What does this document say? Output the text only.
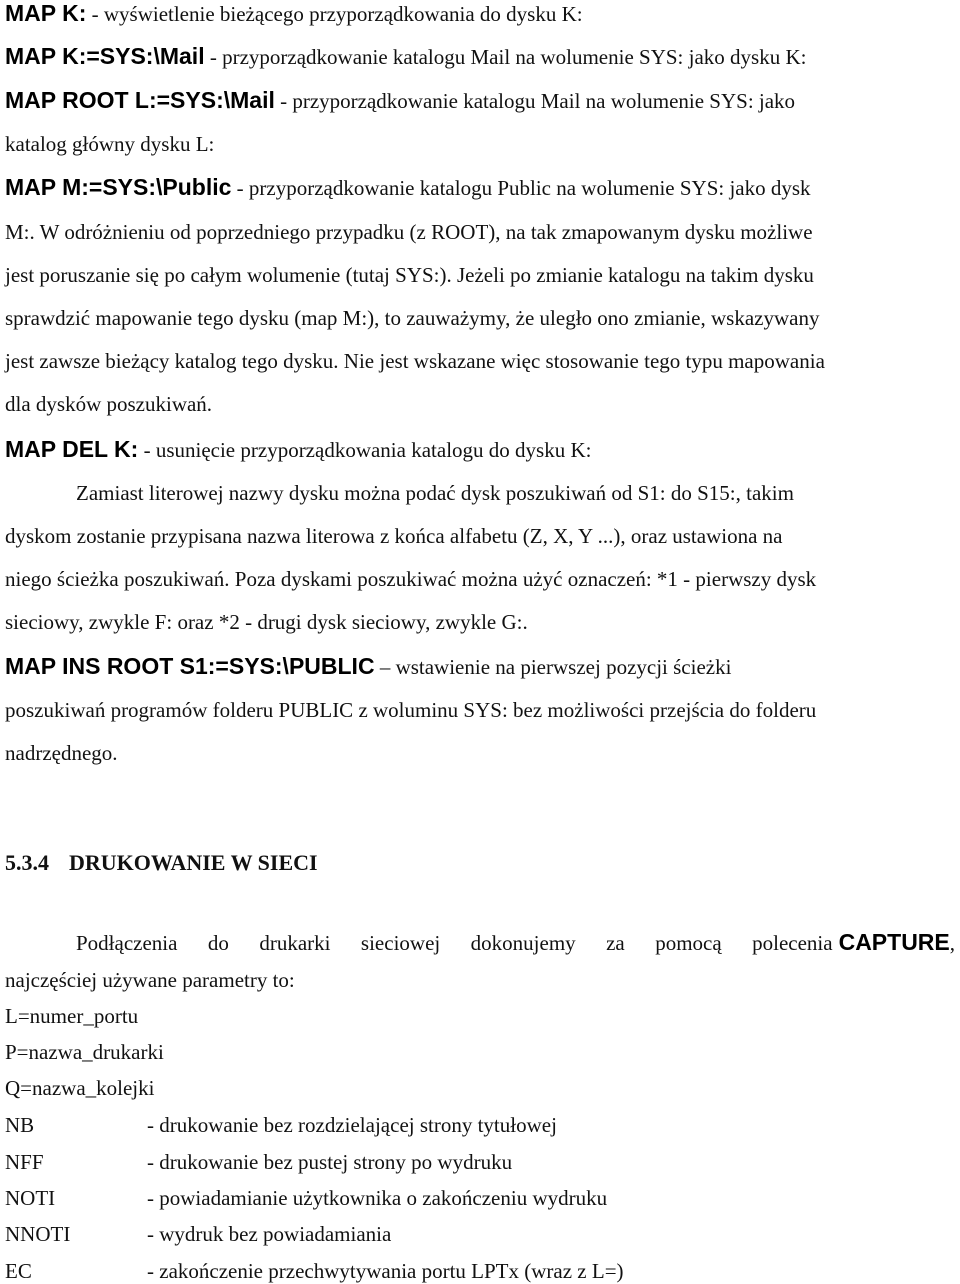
MAP K: - wyświetlenie bieżącego przyporządkowania do dysku K:
MAP K:=SYS:\Mail - przyporządkowanie katalogu Mail na wolumenie SYS: jako dysku K:
MAP ROOT L:=SYS:\Mail - przyporządkowanie katalogu Mail na wolumenie SYS: jako
katalog główny dysku L:
MAP M:=SYS:\Public - przyporządkowanie katalogu Public na wolumenie SYS: jako dysk
M:. W odróżnieniu od poprzedniego przypadku (z ROOT), na tak zmapowanym dysku możliwe
jest poruszanie się po całym wolumenie (tutaj SYS:). Jeżeli po zmianie katalogu na takim dysku
sprawdzić mapowanie tego dysku (map M:), to zauważymy, że uległo ono zmianie, wskazywany
jest zawsze bieżący katalog tego dysku. Nie jest wskazane więc stosowanie tego typu mapowania
dla dysków poszukiwań.
MAP DEL K: - usunięcie przyporządkowania katalogu do dysku K:
Zamiast literowej nazwy dysku można podać dysk poszukiwań od S1: do S15:, takim
dyskom zostanie przypisana nazwa literowa z końca alfabetu (Z, X, Y ...), oraz ustawiona na
niego ścieżka poszukiwań. Poza dyskami poszukiwać można użyć oznaczeń: *1 - pierwszy dysk
sieciowy, zwykle F: oraz *2 - drugi dysk sieciowy, zwykle G:.
MAP INS ROOT S1:=SYS:\PUBLIC – wstawienie na pierwszej pozycji ścieżki
poszukiwań programów folderu PUBLIC z woluminu SYS: bez możliwości przejścia do folderu
nadrzędnego.
5.3.4 DRUKOWANIE W SIECI
Podłączenia do drukarki sieciowej dokonujemy za pomocą polecenia CAPTURE ,
najczęściej używane parametry to:
L=numer_portu
P=nazwa_drukarki
Q=nazwa_kolejki
NB	- drukowanie bez rozdzielającej strony tytułowej
NFF	- drukowanie bez pustej strony po wydruku
NOTI	- powiadamianie użytkownika o zakończeniu wydruku
NNOTI	- wydruk bez powiadamiania
EC	- zakończenie przechwytywania portu LPTx (wraz z L=)
